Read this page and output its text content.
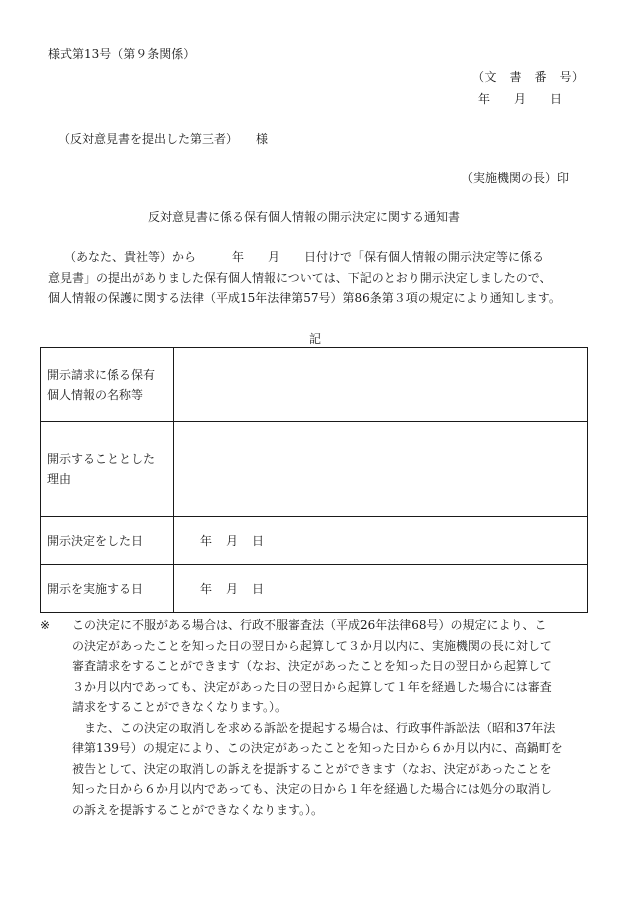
様式第13号（第９条関係）
（文　書　番　号）
年　　月　　日
（反対意見書を提出した第三者）　　様
（実施機関の長）印
反対意見書に係る保有個人情報の開示決定に関する通知書
（あなた、貴社等）から　　　年　　月　　日付けで「保有個人情報の開示決定等に係る
意見書」の提出がありました保有個人情報については、下記のとおり開示決定しましたので、
個人情報の保護に関する法律（平成15年法律第57号）第86条第３項の規定により通知します。
記
開示請求に係る保有
個人情報の名称等	

開示することとした
理由	

開示決定をした日	年 月 日
開示を実施する日	年 月 日
※ この決定に不服がある場合は、行政不服審査法（平成26年法律68号）の規定により、こ
の決定があったことを知った日の翌日から起算して３か月以内に、実施機関の長に対して
審査請求をすることができます（なお、決定があったことを知った日の翌日から起算して
３か月以内であっても、決定があった日の翌日から起算して１年を経過した場合には審査
請求をすることができなくなります。）。
また、この決定の取消しを求める訴訟を提起する場合は、行政事件訴訟法（昭和37年法
律第139号）の規定により、この決定があったことを知った日から６か月以内に、高鍋町を
被告として、決定の取消しの訴えを提訴することができます（なお、決定があったことを
知った日から６か月以内であっても、決定の日から１年を経過した場合には処分の取消し
の訴えを提訴することができなくなります。）。
